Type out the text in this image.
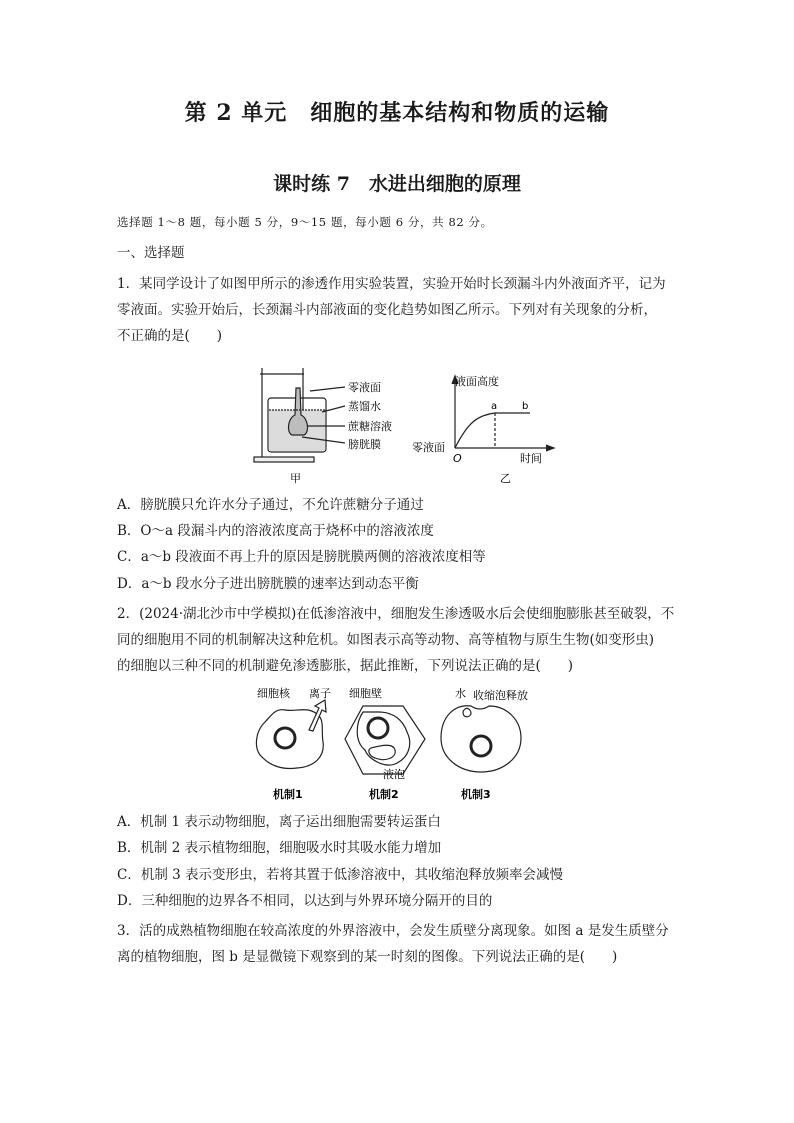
第 2 单元　细胞的基本结构和物质的运输
课时练 7　水进出细胞的原理
选择题 1～8 题，每小题 5 分，9～15 题，每小题 6 分，共 82 分。
一、选择题
1．某同学设计了如图甲所示的渗透作用实验装置，实验开始时长颈漏斗内外液面齐平，记为
零液面。实验开始后，长颈漏斗内部液面的变化趋势如图乙所示。下列对有关现象的分析，
不正确的是(　　)
零液面
蒸馏水
蔗糖溶液
膀胱膜
甲
液面高度
零液面
O
a b
时间
乙
A．膀胱膜只允许水分子通过，不允许蔗糖分子通过
B．O～a 段漏斗内的溶液浓度高于烧杯中的溶液浓度
C．a～b 段液面不再上升的原因是膀胱膜两侧的溶液浓度相等
D．a～b 段水分子进出膀胱膜的速率达到动态平衡
2．(2024·湖北沙市中学模拟)在低渗溶液中，细胞发生渗透吸水后会使细胞膨胀甚至破裂，不
同的细胞用不同的机制解决这种危机。如图表示高等动物、高等植物与原生生物(如变形虫)
的细胞以三种不同的机制避免渗透膨胀，据此推断，下列说法正确的是(　　)
细胞核 离子 细胞壁
液泡
水 收缩泡释放
机制1	机制2	机制3
A．机制 1 表示动物细胞，离子运出细胞需要转运蛋白
B．机制 2 表示植物细胞，细胞吸水时其吸水能力增加
C．机制 3 表示变形虫，若将其置于低渗溶液中，其收缩泡释放频率会减慢
D．三种细胞的边界各不相同，以达到与外界环境分隔开的目的
3．活的成熟植物细胞在较高浓度的外界溶液中，会发生质壁分离现象。如图 a 是发生质壁分
离的植物细胞，图 b 是显微镜下观察到的某一时刻的图像。下列说法正确的是(　　)
